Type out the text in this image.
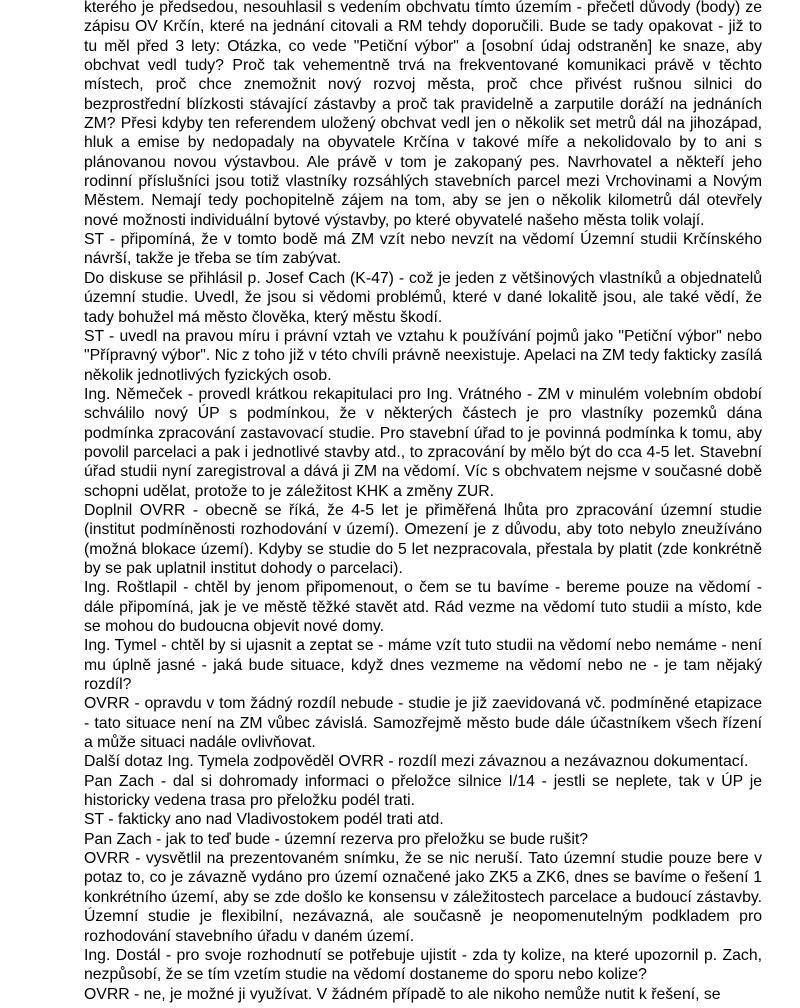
kterého je předsedou, nesouhlasil s vedením obchvatu tímto územím - přečetl důvody (body) ze zápisu OV Krčín, které na jednání citovali a RM tehdy doporučili. Bude se tady opakovat - již to tu měl před 3 lety: Otázka, co vede "Petiční výbor" a [osobní údaj odstraněn] ke snaze, aby obchvat vedl tudy? Proč tak vehementně trvá na frekventované komunikaci právě v těchto místech, proč chce znemožnit nový rozvoj města, proč chce přivést rušnou silnici do bezprostřední blízkosti stávající zástavby a proč tak pravidelně a zarputile doráží na jednáních ZM? Přesi kdyby ten referendem uložený obchvat vedl jen o několik set metrů dál na jihozápad, hluk a emise by nedopadaly na obyvatele Krčína v takové míře a nekolidovalo by to ani s plánovanou novou výstavbou. Ale právě v tom je zakopaný pes. Navrhovatel a někteří jeho rodinní příslušníci jsou totiž vlastníky rozsáhlých stavebních parcel mezi Vrchovinami a Novým Městem. Nemají tedy pochopitelně zájem na tom, aby se jen o několik kilometrů dál otevřely nové možnosti individuální bytové výstavby, po které obyvatelé našeho města tolik volají.

ST - připomíná, že v tomto bodě má ZM vzít nebo nevzít na vědomí Územní studii Krčínského návrší, takže je třeba se tím zabývat.

Do diskuse se přihlásil p. Josef Cach (K-47) - což je jeden z většinových vlastníků a objednatelů územní studie. Uvedl, že jsou si vědomi problémů, které v dané lokalitě jsou, ale také vědí, že tady bohužel má město člověka, který městu škodí.

ST - uvedl na pravou míru i právní vztah ve vztahu k používání pojmů jako "Petiční výbor" nebo "Přípravný výbor". Nic z toho již v této chvíli právně neexistuje. Apelaci na ZM tedy fakticky zasílá několik jednotlivých fyzických osob.

Ing. Němeček - provedl krátkou rekapitulaci pro Ing. Vrátného - ZM v minulém volebním období schválilo nový ÚP s podmínkou, že v některých částech je pro vlastníky pozemků dána podmínka zpracování zastavovací studie. Pro stavební úřad to je povinná podmínka k tomu, aby povolil parcelaci a pak i jednotlivé stavby atd., to zpracování by mělo být do cca 4-5 let. Stavební úřad studii nyní zaregistroval a dává ji ZM na vědomí. Víc s obchvatem nejsme v současné době schopni udělat, protože to je záležitost KHK a změny ZUR.

Doplnil OVRR - obecně se říká, že 4-5 let je přiměřená lhůta pro zpracování územní studie (institut podmíněnosti rozhodování v území). Omezení je z důvodu, aby toto nebylo zneužíváno (možná blokace území). Kdyby se studie do 5 let nezpracovala, přestala by platit (zde konkrétně by se pak uplatnil institut dohody o parcelaci).

Ing. Roštlapil - chtěl by jenom připomenout, o čem se tu bavíme - bereme pouze na vědomí - dále připomíná, jak je ve městě těžké stavět atd. Rád vezme na vědomí tuto studii a místo, kde se mohou do budoucna objevit nové domy.

Ing. Tymel - chtěl by si ujasnit a zeptat se - máme vzít tuto studii na vědomí nebo nemáme - není mu úplně jasné - jaká bude situace, když dnes vezmeme na vědomí nebo ne - je tam nějaký rozdíl?

OVRR - opravdu v tom žádný rozdíl nebude - studie je již zaevidovaná vč. podmíněné etapizace - tato situace není na ZM vůbec závislá. Samozřejmě město bude dále účastníkem všech řízení a může situaci nadále ovlivňovat.

Další dotaz Ing. Tymela zodpověděl OVRR - rozdíl mezi závaznou a nezávaznou dokumentací.

Pan Zach - dal si dohromady informaci o přeložce silnice I/14 - jestli se neplete, tak v ÚP je historicky vedena trasa pro přeložku podél trati.

ST - fakticky ano nad Vladivostokem podél trati atd.

Pan Zach - jak to teď bude - územní rezerva pro přeložku se bude rušit?

OVRR - vysvětlil na prezentovaném snímku, že se nic neruší. Tato územní studie pouze bere v potaz to, co je závazně vydáno pro území označené jako ZK5 a ZK6, dnes se bavíme o řešení 1 konkrétního území, aby se zde došlo ke konsensu v záležitostech parcelace a budoucí zástavby. Územní studie je flexibilní, nezávazná, ale současně je neopomenutelným podkladem pro rozhodování stavebního úřadu v daném území.

Ing. Dostál - pro svoje rozhodnutí se potřebuje ujistit - zda ty kolize, na které upozornil p. Zach, nezpůsobí, že se tím vzetím studie na vědomí dostaneme do sporu nebo kolize?

OVRR - ne, je možné ji využívat. V žádném případě to ale nikoho nemůže nutit k řešení, se
